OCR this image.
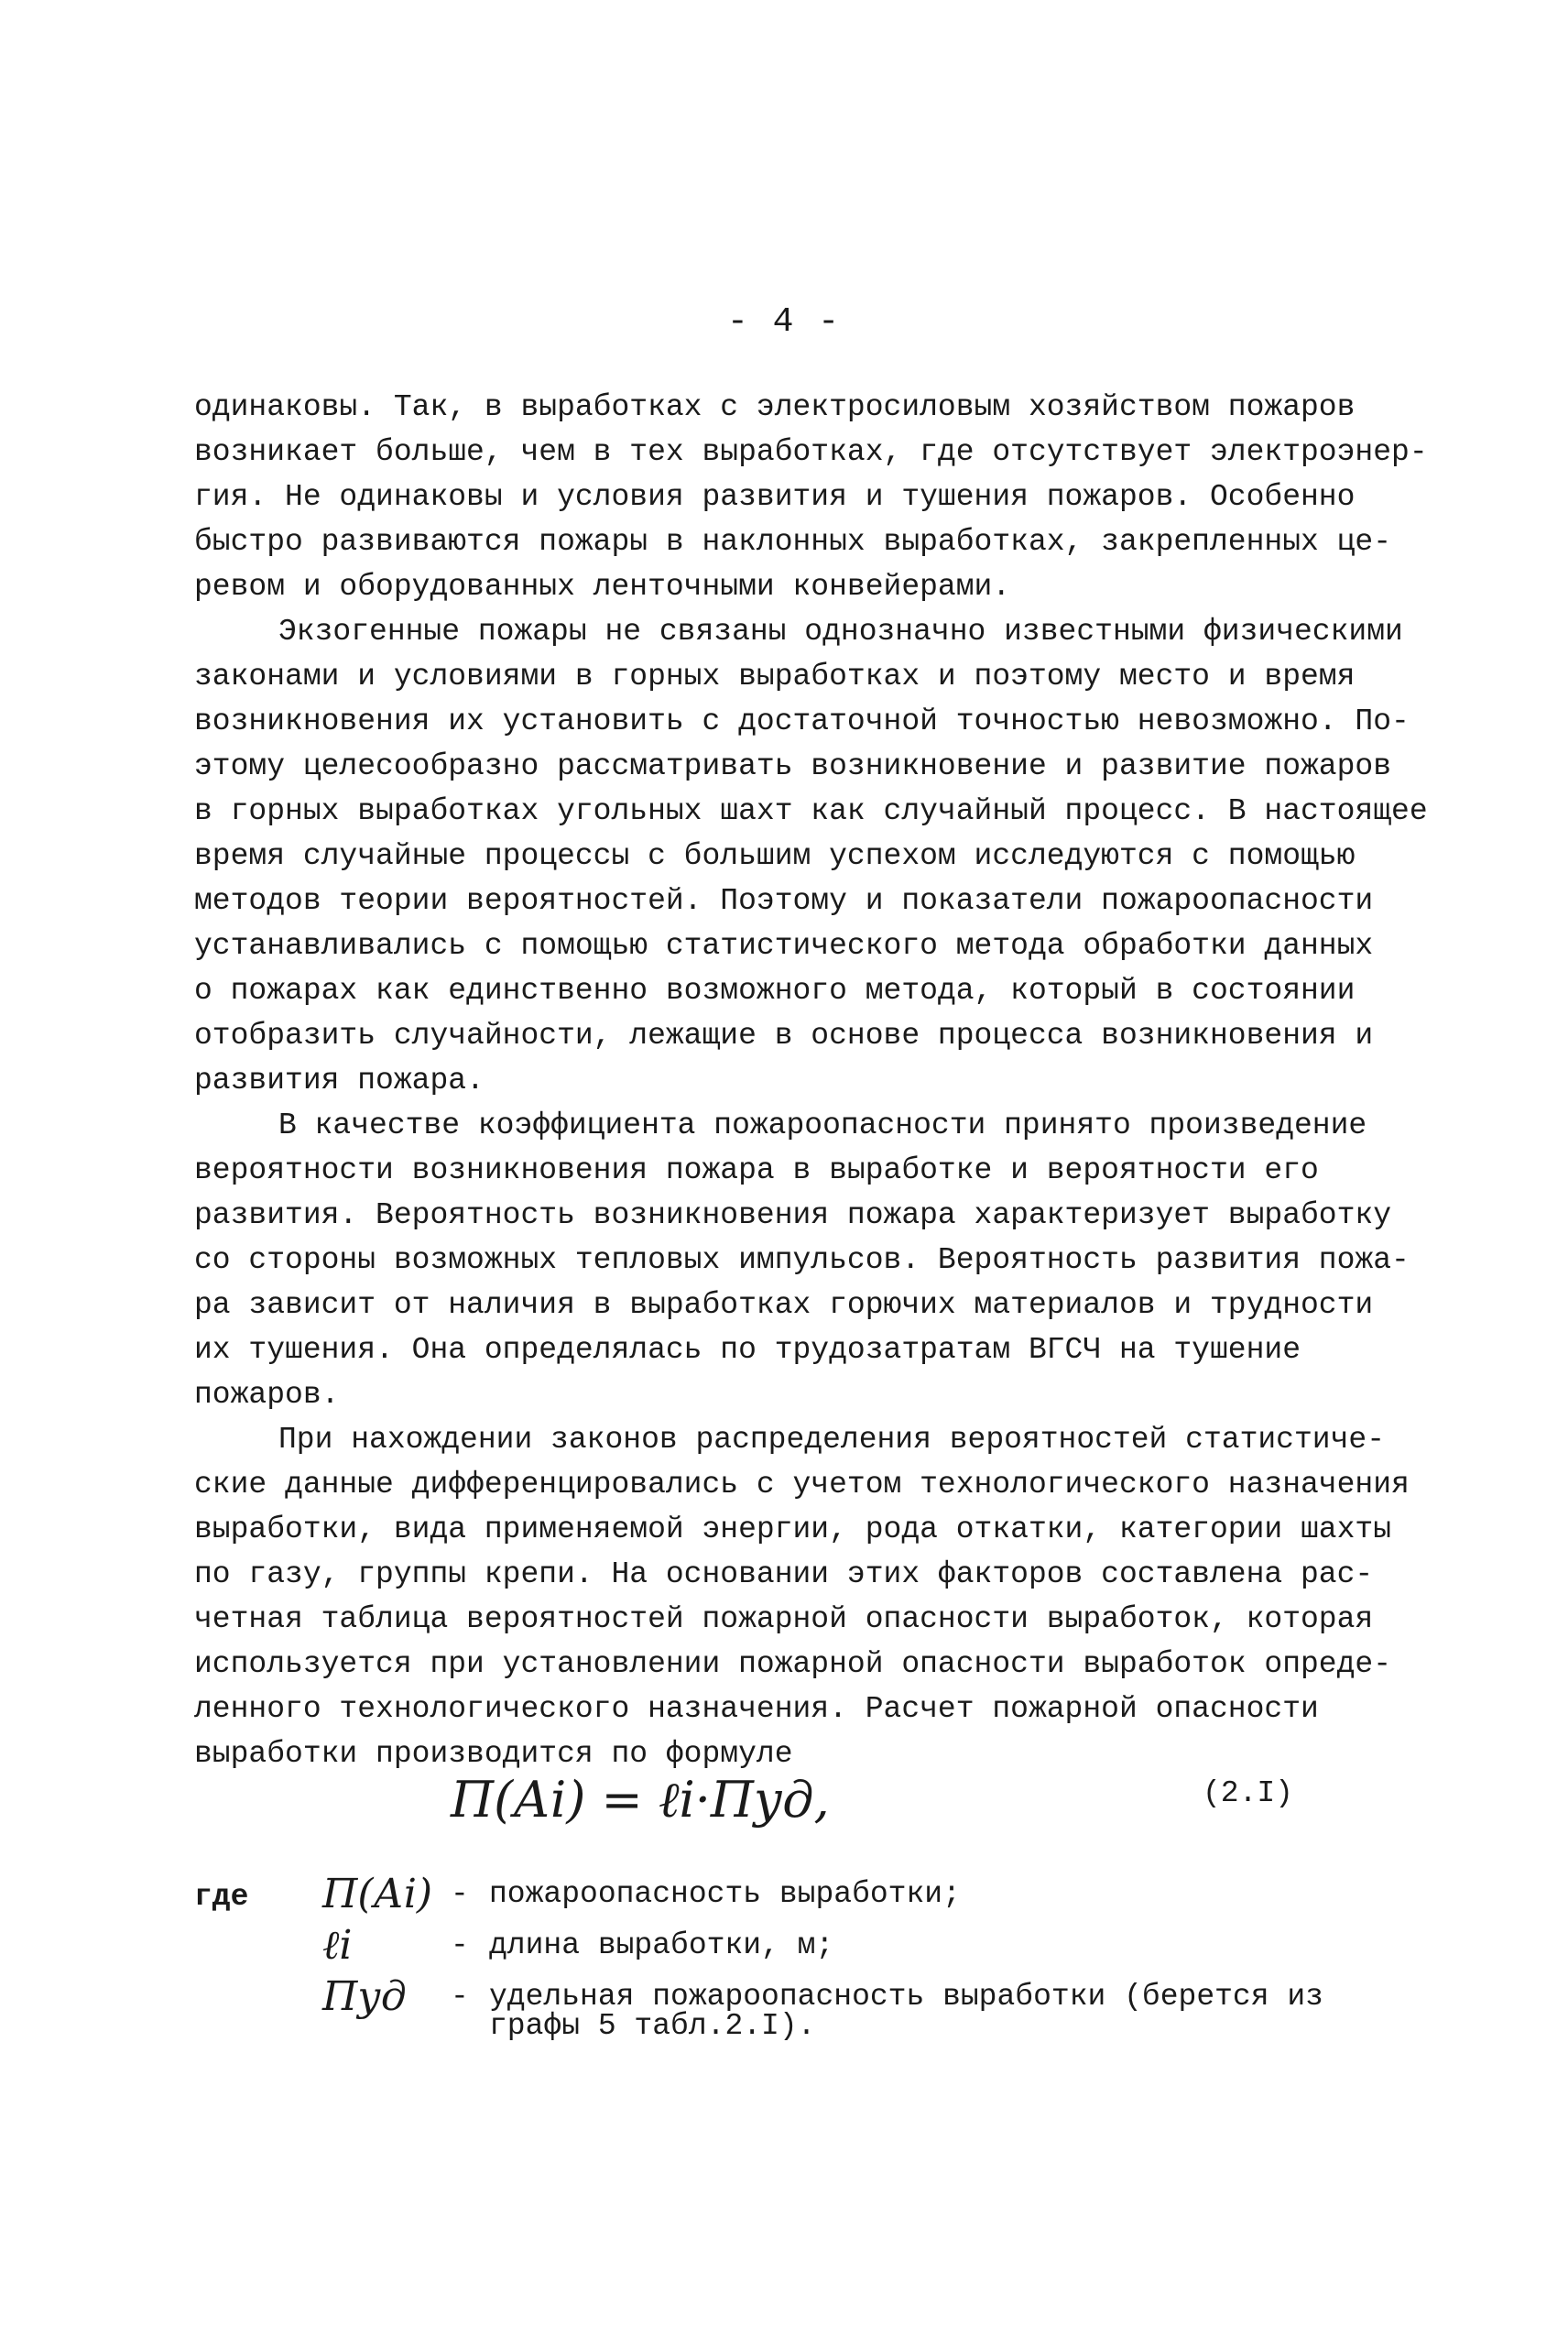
- 4 -
одинаковы. Так, в выработках с электросиловым хозяйством пожаров
возникает больше, чем в тех выработках, где отсутствует электроэнер-
гия. Не одинаковы и условия развития и тушения пожаров. Особенно
быстро развиваются пожары в наклонных выработках, закрепленных це-
ревом и оборудованных ленточными конвейерами.
Экзогенные пожары не связаны однозначно известными физическими
законами и условиями в горных выработках и поэтому место и время
возникновения их установить с достаточной точностью невозможно. По-
этому целесообразно рассматривать возникновение и развитие пожаров
в горных выработках угольных шахт как случайный процесс. В настоящее
время случайные процессы с большим успехом исследуются с помощью
методов теории вероятностей. Поэтому и показатели пожароопасности
устанавливались с помощью статистического метода обработки данных
о пожарах как единственно возможного метода, который в состоянии
отобразить случайности, лежащие в основе процесса возникновения и
развития пожара.
В качестве коэффициента пожароопасности принято произведение
вероятности возникновения пожара в выработке и вероятности его
развития. Вероятность возникновения пожара характеризует выработку
со стороны возможных тепловых импульсов. Вероятность развития пожа-
ра зависит от наличия в выработках горючих материалов и трудности
их тушения. Она определялась по трудозатратам ВГСЧ на тушение
пожаров.
При нахождении законов распределения вероятностей статистиче-
ские данные дифференцировались с учетом технологического назначения
выработки, вида применяемой энергии, рода откатки, категории шахты
по газу, группы крепи. На основании этих факторов составлена рас-
четная таблица вероятностей пожарной опасности выработок, которая
используется при установлении пожарной опасности выработок опреде-
ленного технологического назначения. Расчет пожарной опасности
выработки производится по формуле
П(Аi) = ℓi·Пуд,	(2.I)
где П(Аi) - пожароопасность выработки;
ℓi	- длина выработки, м;
Пуд	- удельная пожароопасность выработки (берется из графы 5 табл.2.I).
